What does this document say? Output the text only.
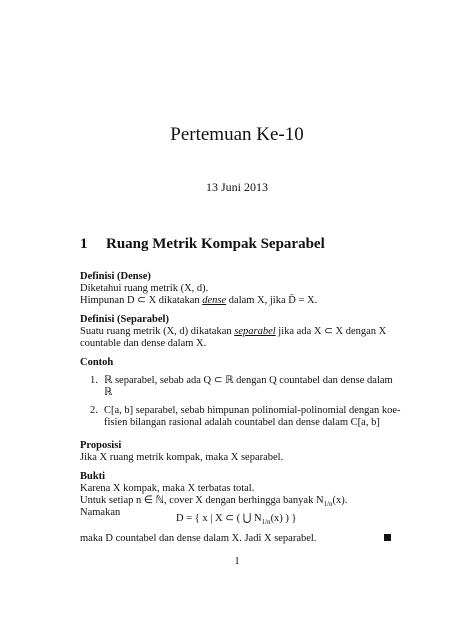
Pertemuan Ke-10
13 Juni 2013
1 Ruang Metrik Kompak Separabel
Definisi (Dense)
Diketahui ruang metrik (X, d).
Himpunan D ⊂ X dikatakan dense dalam X, jika D̄ = X.
Definisi (Separabel)
Suatu ruang metrik (X, d) dikatakan separabel jika ada X ⊂ X dengan X
countable dan dense dalam X.
Contoh
1. ℝ separabel, sebab ada Q ⊂ ℝ dengan Q countabel dan dense dalam
ℝ
2. C[a, b] separabel, sebab himpunan polinomial-polinomial dengan koe-
fisien bilangan rasional adalah countabel dan dense dalam C[a, b]
Proposisi
Jika X ruang metrik kompak, maka X separabel.
Bukti
Karena X kompak, maka X terbatas total.
Untuk setiap n ∈ ℕ, cover X dengan berhingga banyak $N_{1/n}(x)$.
Namakan
D = { x | X ⊂ ( ⋃ $N_{1/n}(x)$ ) }
maka D countabel dan dense dalam X. Jadi X separabel.
1
